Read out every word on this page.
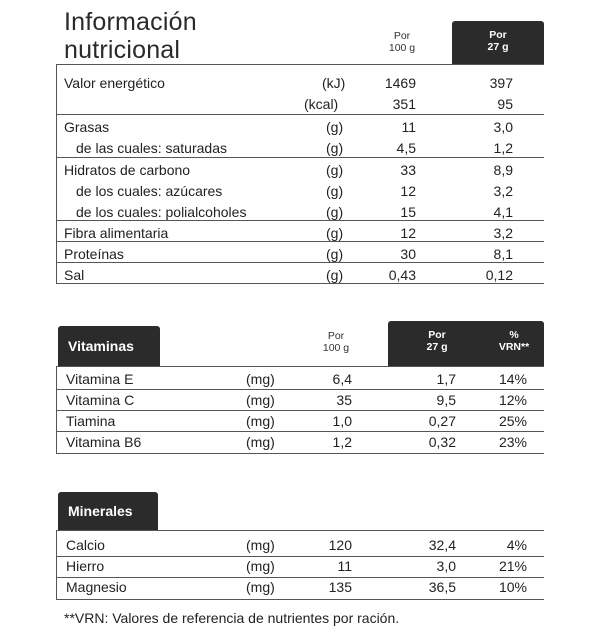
Información
nutricional	Por
100 g
Por
27 g
Valor energético	(kJ)	1469	397
(kcal)	351	95
Grasas	(g)	11	3,0
de las cuales: saturadas	(g)	4,5	1,2
Hidratos de carbono	(g)	33	8,9
de los cuales: azúcares	(g)	12	3,2
de los cuales: polialcoholes	(g)	15	4,1
Fibra alimentaria	(g)	12	3,2
Proteínas	(g)	30	8,1
Sal	(g)	0,43	0,12
Vitaminas
Por
100 g
Por
27 g
%
VRN**
Vitamina E	(mg)	6,4	1,7	14%
Vitamina C	(mg)	35	9,5	12%
Tiamina	(mg)	1,0	0,27	25%
Vitamina B6	(mg)	1,2	0,32	23%
Minerales
Calcio	(mg)	120	32,4	4%
Hierro	(mg)	11	3,0	21%
Magnesio	(mg)	135	36,5	10%
**VRN: Valores de referencia de nutrientes por ración.
